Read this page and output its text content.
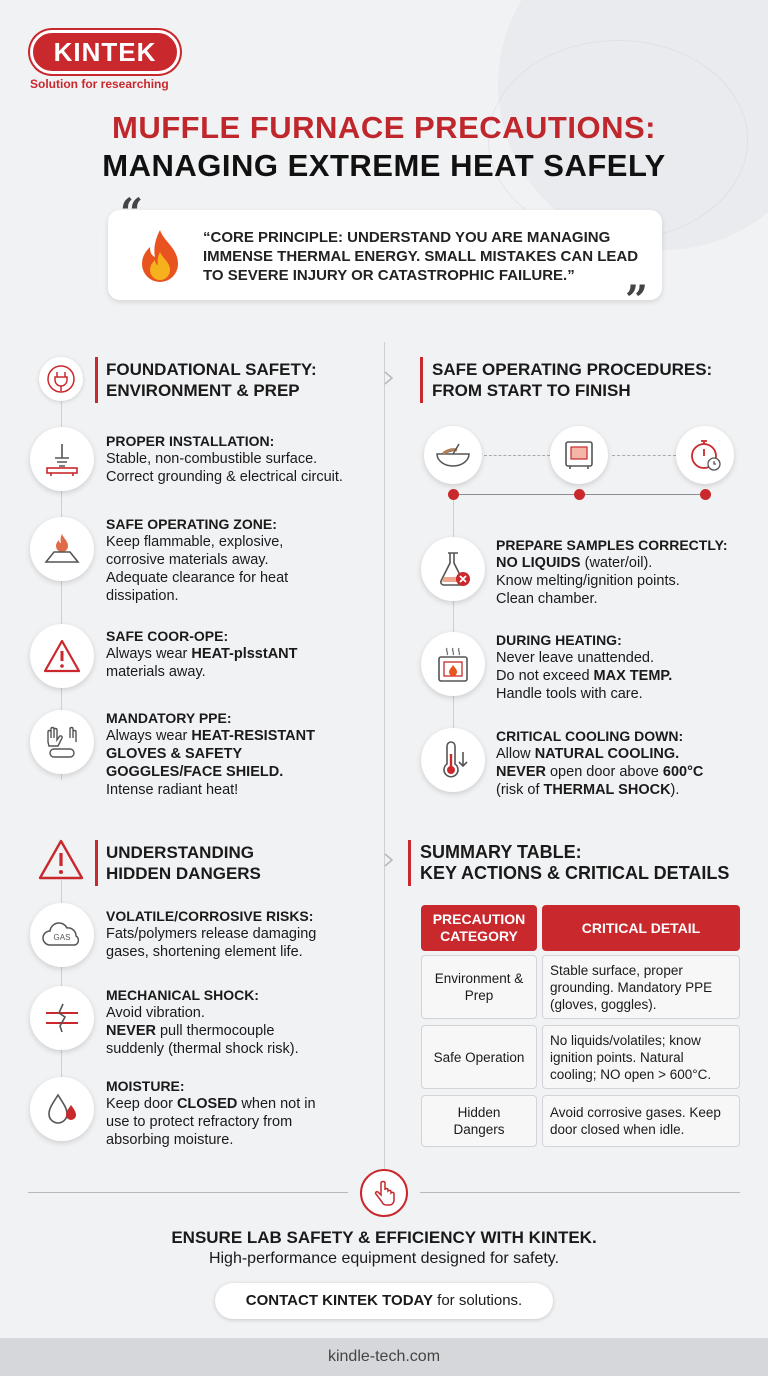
KINTEK
Solution for researching
MUFFLE FURNACE PRECAUTIONS:
MANAGING EXTREME HEAT SAFELY
“
”
“CORE PRINCIPLE: UNDERSTAND YOU ARE MANAGING IMMENSE THERMAL ENERGY. SMALL MISTAKES CAN LEAD TO SEVERE INJURY OR CATASTROPHIC FAILURE.”
FOUNDATIONAL SAFETY:
ENVIRONMENT & PREP
PROPER INSTALLATION:
Stable, non-combustible surface.
Correct grounding & electrical circuit.
SAFE OPERATING ZONE:
Keep flammable, explosive,
corrosive materials away.
Adequate clearance for heat
dissipation.
SAFE COOR-OPE:
Always wear HEAT-plsstANT
materials away.
MANDATORY PPE:
Always wear HEAT-RESISTANT
GLOVES & SAFETY
GOGGLES/FACE SHIELD.
Intense radiant heat!
UNDERSTANDING
HIDDEN DANGERS
GAS
VOLATILE/CORROSIVE RISKS:
Fats/polymers release damaging
gases, shortening element life.
MECHANICAL SHOCK:
Avoid vibration.
NEVER pull thermocouple
suddenly (thermal shock risk).
MOISTURE:
Keep door CLOSED when not in
use to protect refractory from
absorbing moisture.
SAFE OPERATING PROCEDURES:
FROM START TO FINISH
PREPARE SAMPLES CORRECTLY:
NO LIQUIDS (water/oil).
Know melting/ignition points.
Clean chamber.
DURING HEATING:
Never leave unattended.
Do not exceed MAX TEMP.
Handle tools with care.
CRITICAL COOLING DOWN:
Allow NATURAL COOLING.
NEVER open door above 600°C
(risk of THERMAL SHOCK).
SUMMARY TABLE:
KEY ACTIONS & CRITICAL DETAILS
PRECAUTION CATEGORY
CRITICAL DETAIL
Environment & Prep
Stable surface, proper grounding. Mandatory PPE (gloves, goggles).
Safe Operation
No liquids/volatiles; know ignition points. Natural cooling; NO open > 600°C.
Hidden Dangers
Avoid corrosive gases. Keep door closed when idle.
ENSURE LAB SAFETY & EFFICIENCY WITH KINTEK.
High-performance equipment designed for safety.
CONTACT KINTEK TODAY for solutions.
kindle-tech.com
